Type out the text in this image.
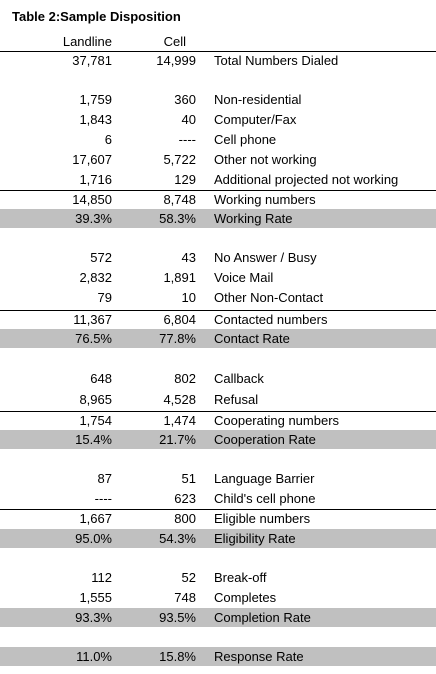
Table 2:Sample Disposition
Landline	Cell
37,781	14,999 Total Numbers Dialed
1,759	360 Non-residential
1,843	40 Computer/Fax
6	---- Cell phone
17,607	5,722 Other not working
1,716	129 Additional projected not working
14,850	8,748 Working numbers
39.3%	58.3% Working Rate
572	43 No Answer / Busy
2,832	1,891 Voice Mail
79	10 Other Non-Contact
11,367	6,804 Contacted numbers
76.5%	77.8% Contact Rate
648	802 Callback
8,965	4,528 Refusal
1,754	1,474 Cooperating numbers
15.4%	21.7% Cooperation Rate
87	51 Language Barrier
----	623 Child's cell phone
1,667	800 Eligible numbers
95.0%	54.3% Eligibility Rate
112	52 Break-off
1,555	748 Completes
93.3%	93.5% Completion Rate
11.0%	15.8% Response Rate
